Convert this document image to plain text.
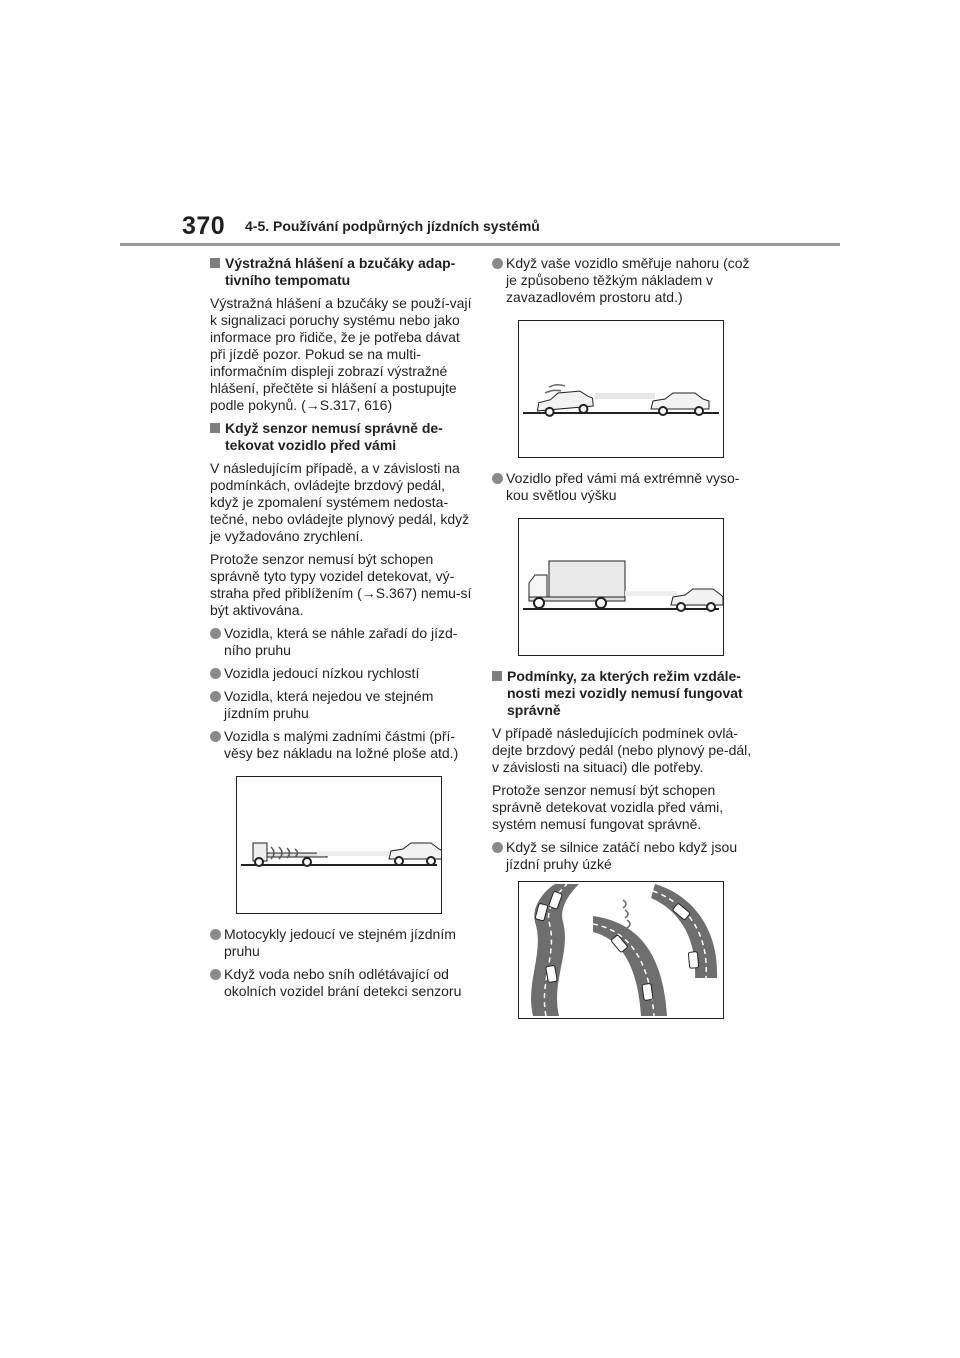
370 4-5. Používání podpůrných jízdních systémů
Výstražná hlášení a bzučáky adap-tivního tempomatu

Výstražná hlášení a bzučáky se použí-vají k signalizaci poruchy systému nebo jako informace pro řidiče, že je potřeba dávat při jízdě pozor. Pokud se na multi-informačním displeji zobrazí výstražné hlášení, přečtěte si hlášení a postupujte podle pokynů. (→S.317, 616)

Když senzor nemusí správně de-tekovat vozidlo před vámi

V následujícím případě, a v závislosti na podmínkách, ovládejte brzdový pedál, když je zpomalení systémem nedosta-tečné, nebo ovládejte plynový pedál, když je vyžadováno zrychlení.

Protože senzor nemusí být schopen správně tyto typy vozidel detekovat, vý-straha před přiblížením (→S.367) nemu-sí být aktivována.

Vozidla, která se náhle zařadí do jízd-ního pruhu
Vozidla jedoucí nízkou rychlostí
Vozidla, která nejedou ve stejném jízdním pruhu
Vozidla s malými zadními částmi (pří-věsy bez nákladu na ložné ploše atd.)
Motocykly jedoucí ve stejném jízdním pruhu
Když voda nebo sníh odlétávající od okolních vozidel brání detekci senzoru
Když vaše vozidlo směřuje nahoru (což je způsobeno těžkým nákladem v zavazadlovém prostoru atd.)
Vozidlo před vámi má extrémně vyso-kou světlou výšku
Podmínky, za kterých režim vzdále-nosti mezi vozidly nemusí fungovat správně

V případě následujících podmínek ovlá-dejte brzdový pedál (nebo plynový pe-dál, v závislosti na situaci) dle potřeby.

Protože senzor nemusí být schopen správně detekovat vozidla před vámi, systém nemusí fungovat správně.

Když se silnice zatáčí nebo když jsou jízdní pruhy úzké
